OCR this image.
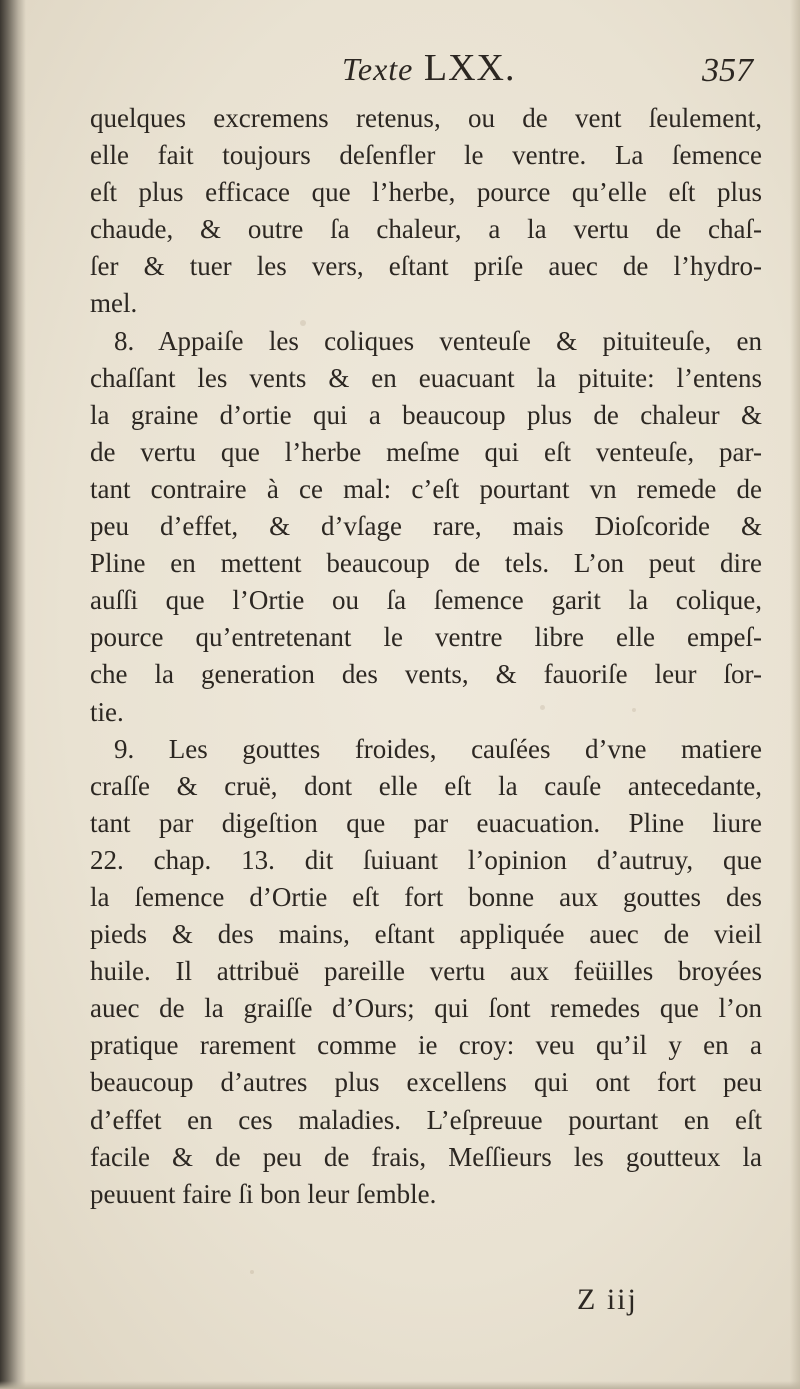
Texte LXX.	357
quelques excremens retenus, ou de vent ſeulement,
elle fait toujours deſenfler le ventre. La ſemence
eſt plus efficace que l’herbe, pource qu’elle eſt plus
chaude, & outre ſa chaleur, a la vertu de chaſ-
ſer & tuer les vers, eſtant priſe auec de l’hydro-
mel.
8. Appaiſe les coliques venteuſe & pituiteuſe, en
chaſſant les vents & en euacuant la pituite: l’entens
la graine d’ortie qui a beaucoup plus de chaleur &
de vertu que l’herbe meſme qui eſt venteuſe, par-
tant contraire à ce mal: c’eſt pourtant vn remede de
peu d’effet, & d’vſage rare, mais Dioſcoride &
Pline en mettent beaucoup de tels. L’on peut dire
auſſi que l’Ortie ou ſa ſemence garit la colique,
pource qu’entretenant le ventre libre elle empeſ-
che la generation des vents, & fauoriſe leur ſor-
tie.
9. Les gouttes froides, cauſées d’vne matiere
craſſe & cruë, dont elle eſt la cauſe antecedante,
tant par digeſtion que par euacuation. Pline liure
22. chap. 13. dit ſuiuant l’opinion d’autruy, que
la ſemence d’Ortie eſt fort bonne aux gouttes des
pieds & des mains, eſtant appliquée auec de vieil
huile. Il attribuë pareille vertu aux feüilles broyées
auec de la graiſſe d’Ours; qui ſont remedes que l’on
pratique rarement comme ie croy: veu qu’il y en a
beaucoup d’autres plus excellens qui ont fort peu
d’effet en ces maladies. L’eſpreuue pourtant en eſt
facile & de peu de frais, Meſſieurs les goutteux la
peuuent faire ſi bon leur ſemble.
Z iij
